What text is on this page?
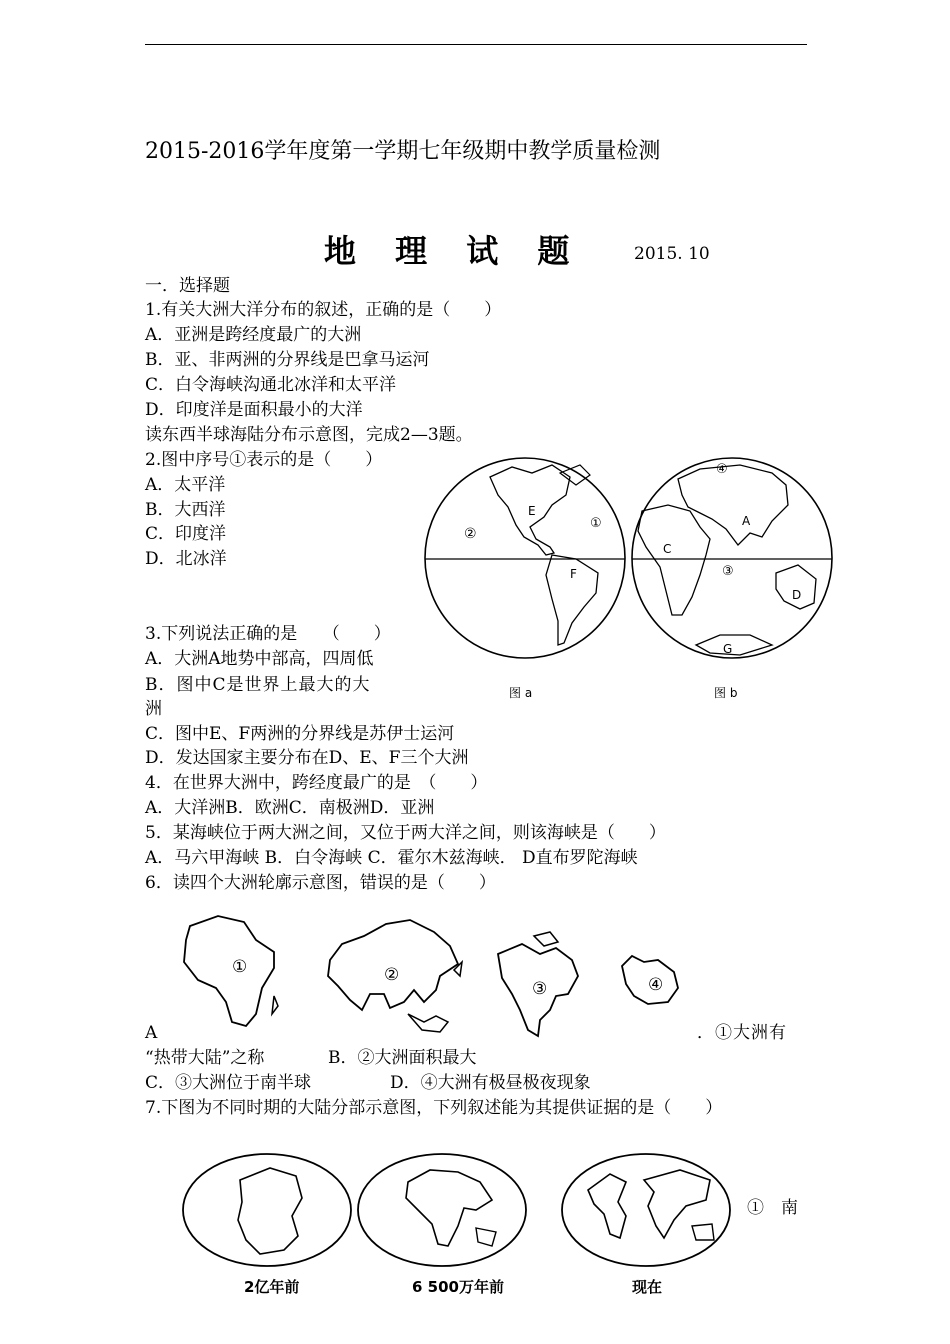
2015-2016学年度第一学期七年级期中教学质量检测
地 理 试 题	2015. 10
一．选择题
1.有关大洲大洋分布的叙述，正确的是（　　）
A．亚洲是跨经度最广的大洲
B．亚、非两洲的分界线是巴拿马运河
C．白令海峡沟通北冰洋和太平洋
D．印度洋是面积最小的大洋
读东西半球海陆分布示意图，完成2—3题。
2.图中序号①表示的是（　　）
A．太平洋
B．大西洋
C．印度洋
D．北冰洋
②
E
①
F
④
A
C
③
D
G
图 a	图 b
3.下列说法正确的是　　（　　）
A．大洲A地势中部高，四周低
B．图中C是世界上最大的大
洲
C．图中E、F两洲的分界线是苏伊士运河
D．发达国家主要分布在D、E、F三个大洲
4．在世界大洲中，跨经度最广的是　（　　）
A．大洋洲B．欧洲C．南极洲D．亚洲
5．某海峡位于两大洲之间，又位于两大洋之间，则该海峡是（　　）
A．马六甲海峡 B．白令海峡 C．霍尔木兹海峡． D直布罗陀海峡
6．读四个大洲轮廓示意图，错误的是（　　）
①	②
③	④
A	．①大洲有
“热带大陆”之称	B．②大洲面积最大
C．③大洲位于南半球	D．④大洲有极昼极夜现象
7.下图为不同时期的大陆分部示意图，下列叙述能为其提供证据的是（　　）
2亿年前	6 500万年前	现在
①　南
